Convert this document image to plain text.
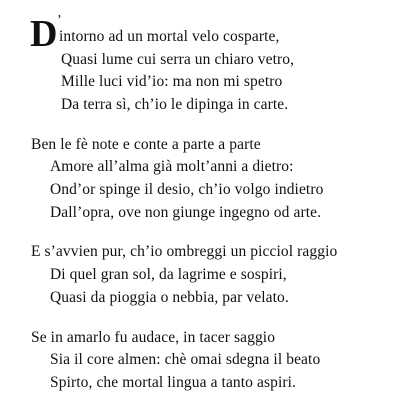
D ’
intorno ad un mortal velo cosparte,
Quasi lume cui serra un chiaro vetro,
Mille luci vid’io: ma non mi spetro
Da terra sì, ch’io le dipinga in carte.
Ben le fè note e conte a parte a parte
Amore all’alma già molt’anni a dietro:
Ond’or spinge il desio, ch’io volgo indietro
Dall’opra, ove non giunge ingegno od arte.
E s’avvien pur, ch’io ombreggi un picciol raggio
Di quel gran sol, da lagrime e sospiri,
Quasi da pioggia o nebbia, par velato.
Se in amarlo fu audace, in tacer saggio
Sia il core almen: chè omai sdegna il beato
Spirto, che mortal lingua a tanto aspiri.
